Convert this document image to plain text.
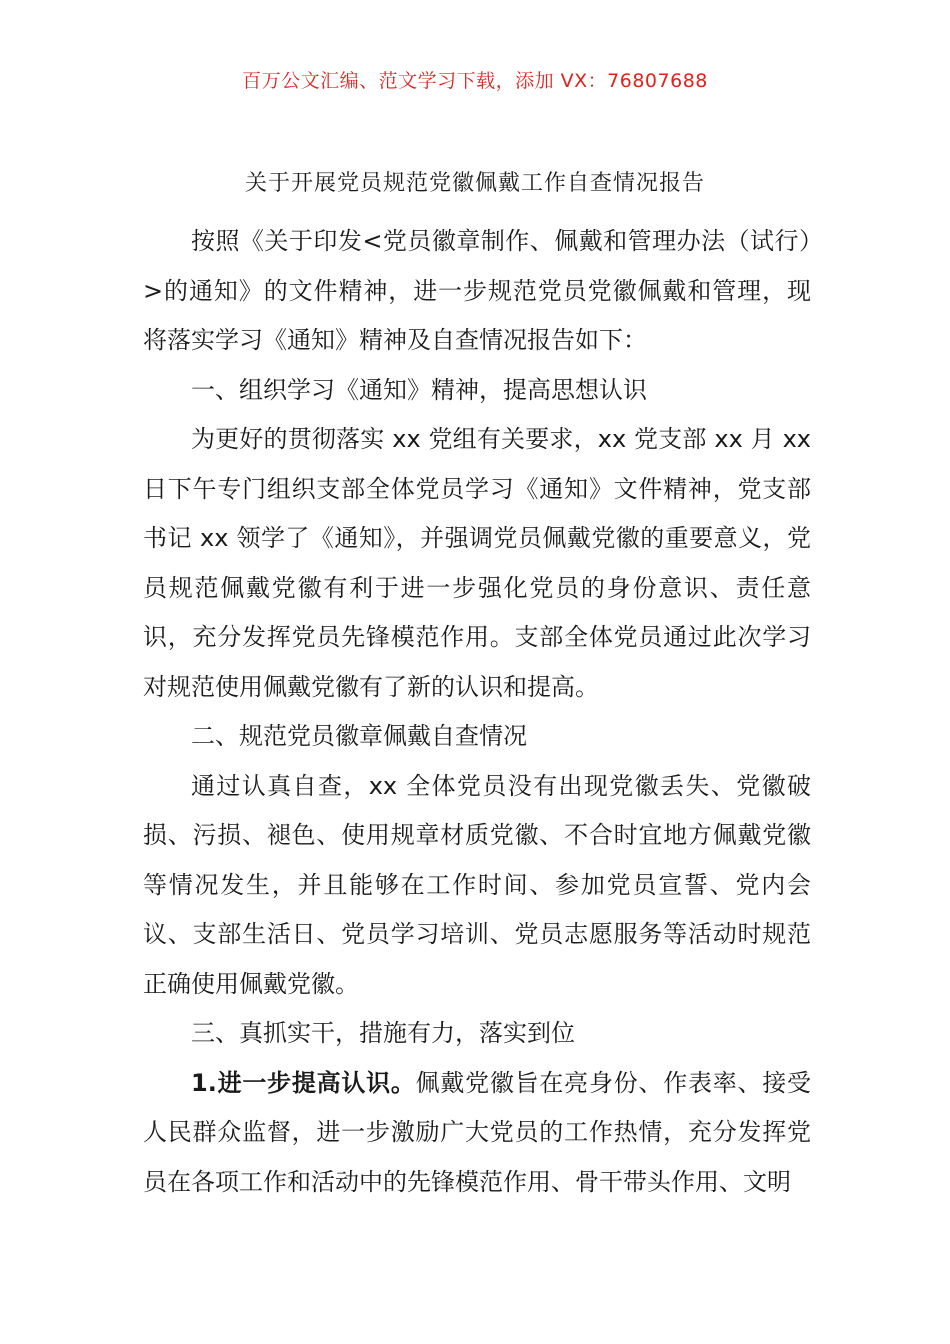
百万公文汇编、范文学习下载，添加 VX：76807688
关于开展党员规范党徽佩戴工作自查情况报告

按照《关于印发<党员徽章制作、佩戴和管理办法（试行）>的通知》的文件精神，进一步规范党员党徽佩戴和管理，现将落实学习《通知》精神及自查情况报告如下：

一、组织学习《通知》精神，提高思想认识

为更好的贯彻落实 xx 党组有关要求，xx 党支部 xx 月 xx 日下午专门组织支部全体党员学习《通知》文件精神，党支部书记 xx 领学了《通知》，并强调党员佩戴党徽的重要意义，党员规范佩戴党徽有利于进一步强化党员的身份意识、责任意识，充分发挥党员先锋模范作用。支部全体党员通过此次学习对规范使用佩戴党徽有了新的认识和提高。

二、规范党员徽章佩戴自查情况

通过认真自查，xx 全体党员没有出现党徽丢失、党徽破损、污损、褪色、使用规章材质党徽、不合时宜地方佩戴党徽等情况发生，并且能够在工作时间、参加党员宣誓、党内会议、支部生活日、党员学习培训、党员志愿服务等活动时规范正确使用佩戴党徽。

三、真抓实干，措施有力，落实到位

1.进一步提高认识。佩戴党徽旨在亮身份、作表率、接受人民群众监督，进一步激励广大党员的工作热情，充分发挥党员在各项工作和活动中的先锋模范作用、骨干带头作用、文明
